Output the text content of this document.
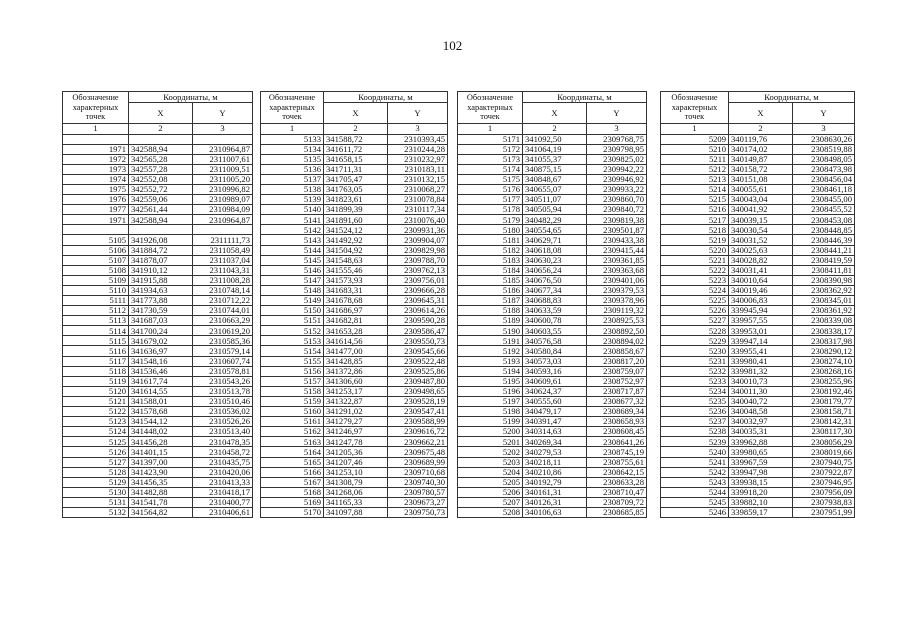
102
Обозначение характерных точек	Координаты, м	
	X	Y
1	2	3

1971	342588,94	2310964,87
1972	342565,28	2311007,61
1973	342557,28	2311009,51
1974	342552,08	2311005,20
1975	342552,72	2310996,82
1976	342559,06	2310989,07
1977	342561,44	2310984,09
1971	342588,94	2310964,87

5105	341926,08	2311111,73
5106	341884,72	2311058,49
5107	341878,07	2311037,04
5108	341910,12	2311043,31
5109	341915,88	2311008,28
5110	341934,63	2310748,14
5111	341773,88	2310712,22
5112	341730,59	2310744,01
5113	341687,03	2310663,29
5114	341700,24	2310619,20
5115	341679,02	2310585,36
5116	341636,97	2310579,14
5117	341548,16	2310607,74
5118	341536,46	2310578,81
5119	341617,74	2310543,26
5120	341614,55	2310513,78
5121	341588,01	2310510,46
5122	341578,68	2310536,02
5123	341544,12	2310526,26
5124	341448,02	2310513,40
5125	341456,28	2310478,35
5126	341401,15	2310458,72
5127	341397,00	2310435,75
5128	341423,90	2310420,06
5129	341456,35	2310413,33
5130	341482,88	2310418,17
5131	341541,78	2310400,77
5132	341564,82	2310406,61
Обозначение характерных точек	Координаты, м	
	X	Y
1	2	3
5133	341588,72	2310393,45
5134	341611,72	2310244,28
5135	341658,15	2310232,97
5136	341711,31	2310183,11
5137	341705,47	2310132,15
5138	341763,05	2310068,27
5139	341823,61	2310078,84
5140	341899,39	2310117,34
5141	341891,60	2310076,40
5142	341524,12	2309931,36
5143	341492,92	2309904,07
5144	341504,92	2309829,98
5145	341548,63	2309788,70
5146	341555,46	2309762,13
5147	341573,93	2309756,01
5148	341683,31	2309666,28
5149	341678,68	2309645,31
5150	341686,97	2309614,26
5151	341682,81	2309590,28
5152	341653,28	2309586,47
5153	341614,56	2309550,73
5154	341477,00	2309545,66
5155	341428,85	2309522,48
5156	341372,86	2309525,86
5157	341306,60	2309487,80
5158	341253,17	2309498,65
5159	341322,87	2309528,19
5160	341291,02	2309547,41
5161	341279,27	2309588,99
5162	341246,97	2309616,72
5163	341247,78	2309662,21
5164	341205,36	2309675,48
5165	341207,46	2309689,99
5166	341253,10	2309710,68
5167	341308,79	2309740,30
5168	341268,06	2309780,57
5169	341165,33	2309673,27
5170	341097,88	2309750,73
Обозначение характерных точек	Координаты, м	
	X	Y
1	2	3
5171	341092,50	2309768,75
5172	341064,19	2309798,95
5173	341055,37	2309825,02
5174	340875,15	2309942,22
5175	340848,67	2309946,92
5176	340655,07	2309933,22
5177	340511,07	2309860,70
5178	340505,94	2309840,72
5179	340482,29	2309819,38
5180	340554,65	2309501,87
5181	340629,71	2309433,38
5182	340618,08	2309415,44
5183	340630,23	2309361,85
5184	340656,24	2309363,68
5185	340676,50	2309401,06
5186	340677,34	2309379,53
5187	340688,83	2309378,96
5188	340633,59	2309119,32
5189	340600,78	2308925,53
5190	340603,55	2308892,50
5191	340576,58	2308894,02
5192	340580,84	2308858,67
5193	340573,03	2308817,20
5194	340593,16	2308759,07
5195	340609,61	2308752,97
5196	340624,37	2308717,87
5197	340555,60	2308677,32
5198	340479,17	2308689,34
5199	340391,47	2308658,93
5200	340314,63	2308608,45
5201	340269,34	2308641,26
5202	340279,53	2308745,19
5203	340218,11	2308755,61
5204	340210,86	2308642,15
5205	340192,79	2308633,28
5206	340161,31	2308710,47
5207	340126,31	2308709,72
5208	340106,63	2308685,85
Обозначение характерных точек	Координаты, м	
	X	Y
1	2	3
5209	340119,76	2308630,26
5210	340174,02	2308519,88
5211	340149,87	2308498,05
5212	340158,72	2308473,98
5213	340151,08	2308456,04
5214	340055,61	2308461,18
5215	340043,04	2308455,00
5216	340041,92	2308455,52
5217	340039,15	2308453,08
5218	340030,54	2308448,85
5219	340031,52	2308446,39
5220	340025,63	2308441,21
5221	340028,82	2308419,59
5222	340031,41	2308411,81
5223	340010,64	2308390,98
5224	340019,46	2308362,92
5225	340006,83	2308345,01
5226	339945,94	2308361,92
5227	339957,55	2308339,08
5228	339953,01	2308338,17
5229	339947,14	2308317,98
5230	339955,41	2308290,12
5231	339980,41	2308274,10
5232	339981,32	2308268,16
5233	340010,73	2308255,96
5234	340011,30	2308192,46
5235	340040,72	2308179,77
5236	340048,58	2308158,71
5237	340032,97	2308142,31
5238	340035,31	2308117,30
5239	339962,88	2308056,29
5240	339980,65	2308019,66
5241	339967,59	2307940,75
5242	339947,98	2307922,87
5243	339938,15	2307946,95
5244	339918,20	2307956,09
5245	339882,10	2307938,83
5246	339859,17	2307951,99
